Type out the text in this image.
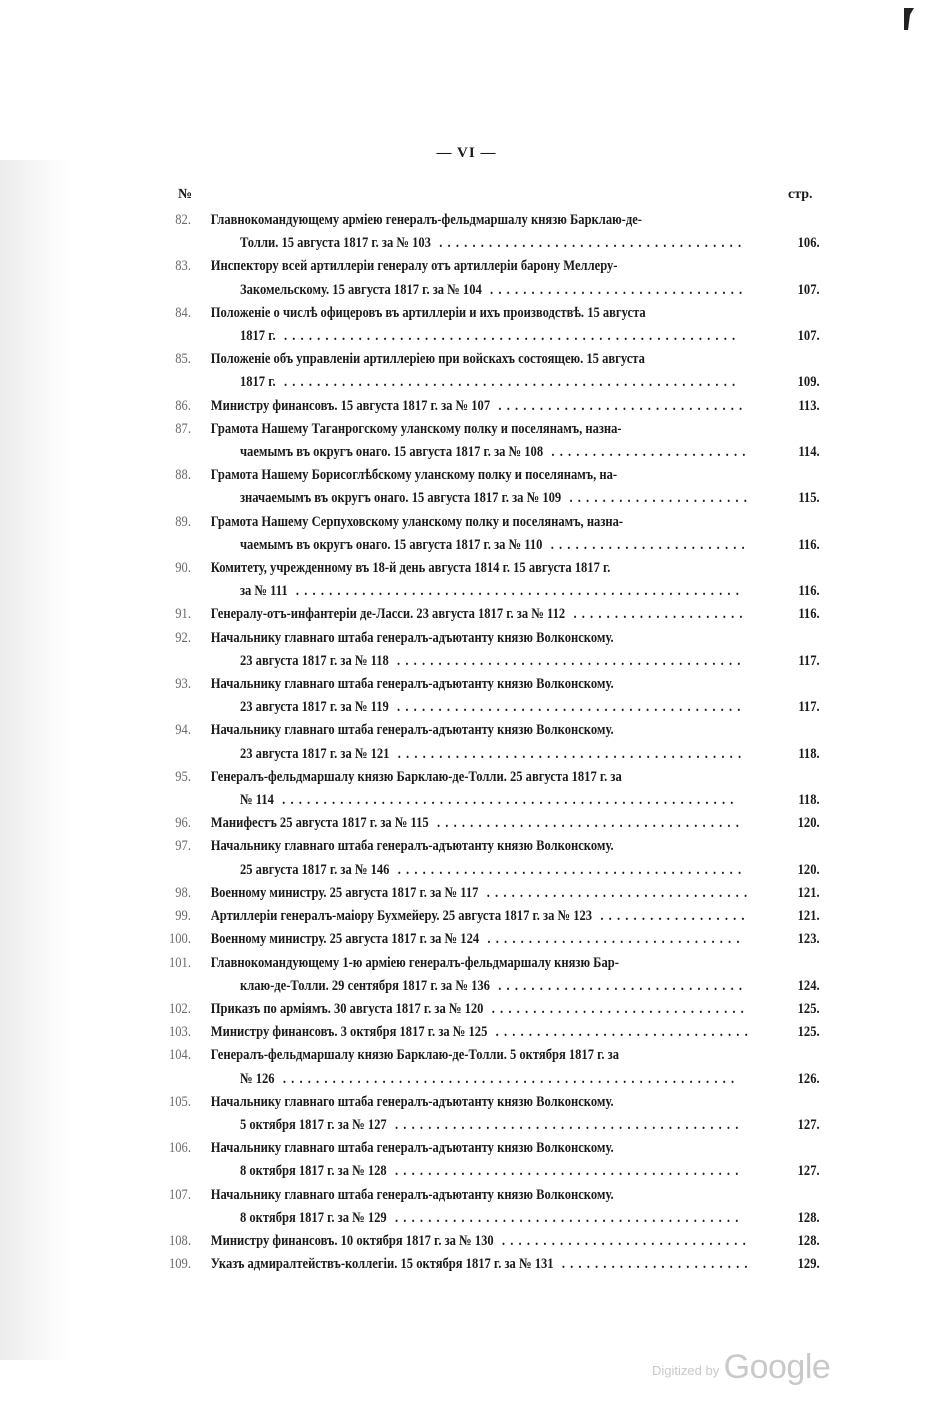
— VI —
№	стр.
82. Главнокомандующему армiею генералъ-фельдмаршалу князю Барклаю-де-
Толли. 15 августа 1817 г. за № 103 .....................................	106.
83. Инспектору всей артиллерiи генералу отъ артиллерiи барону Меллеру-
Закомельскому. 15 августа 1817 г. за № 104 ...............................	107.
84. Положенiе о числѣ офицеровъ въ артиллерiи и ихъ производствѣ. 15 августа
1817 г. .......................................................	107.
85. Положенiе объ управленiи артиллерiею при войскахъ состоящею. 15 августа
1817 г. .......................................................	109.
86. Министру финансовъ. 15 августа 1817 г. за № 107 ..............................	113.
87. Грамота Нашему Таганрогскому уланскому полку и поселянамъ, назна-
чаемымъ въ округъ онаго. 15 августа 1817 г. за № 108 ........................	114.
88. Грамота Нашему Борисоглѣбскому уланскому полку и поселянамъ, на-
значаемымъ въ округъ онаго. 15 августа 1817 г. за № 109 ......................	115.
89. Грамота Нашему Серпуховскому уланскому полку и поселянамъ, назна-
чаемымъ въ округъ онаго. 15 августа 1817 г. за № 110 ........................	116.
90. Комитету, учрежденному въ 18-й день августа 1814 г. 15 августа 1817 г.
за № 111 ......................................................	116.
91. Генералу-отъ-инфантерiи де-Ласси. 23 августа 1817 г. за № 112 .....................	116.
92. Начальнику главнаго штаба генералъ-адъютанту князю Волконскому.
23 августа 1817 г. за № 118 ..........................................	117.
93. Начальнику главнаго штаба генералъ-адъютанту князю Волконскому.
23 августа 1817 г. за № 119 ..........................................	117.
94. Начальнику главнаго штаба генералъ-адъютанту князю Волконскому.
23 августа 1817 г. за № 121 ..........................................	118.
95. Генералъ-фельдмаршалу князю Барклаю-де-Толли. 25 августа 1817 г. за
№ 114 .......................................................	118.
96. Манифестъ 25 августа 1817 г. за № 115 .....................................	120.
97. Начальнику главнаго штаба генералъ-адъютанту князю Волконскому.
25 августа 1817 г. за № 146 ..........................................	120.
98. Военному министру. 25 августа 1817 г. за № 117 ................................	121.
99. Артиллерiи генералъ-маiору Бухмейеру. 25 августа 1817 г. за № 123 ..................	121.
100. Военному министру. 25 августа 1817 г. за № 124 ...............................	123.
101. Главнокомандующему 1-ю армiею генералъ-фельдмаршалу князю Бар-
клаю-де-Толли. 29 сентября 1817 г. за № 136 ..............................	124.
102. Приказъ по армiямъ. 30 августа 1817 г. за № 120 ...............................	125.
103. Министру финансовъ. 3 октября 1817 г. за № 125 ...............................	125.
104. Генералъ-фельдмаршалу князю Барклаю-де-Толли. 5 октября 1817 г. за
№ 126 .......................................................	126.
105. Начальнику главнаго штаба генералъ-адъютанту князю Волконскому.
5 октября 1817 г. за № 127 ..........................................	127.
106. Начальнику главнаго штаба генералъ-адъютанту князю Волконскому.
8 октября 1817 г. за № 128 ..........................................	127.
107. Начальнику главнаго штаба генералъ-адъютанту князю Волконскому.
8 октября 1817 г. за № 129 ..........................................	128.
108. Министру финансовъ. 10 октября 1817 г. за № 130 ..............................	128.
109. Указъ адмиралтействъ-коллегiи. 15 октября 1817 г. за № 131 .......................	129.
Digitized by Google
